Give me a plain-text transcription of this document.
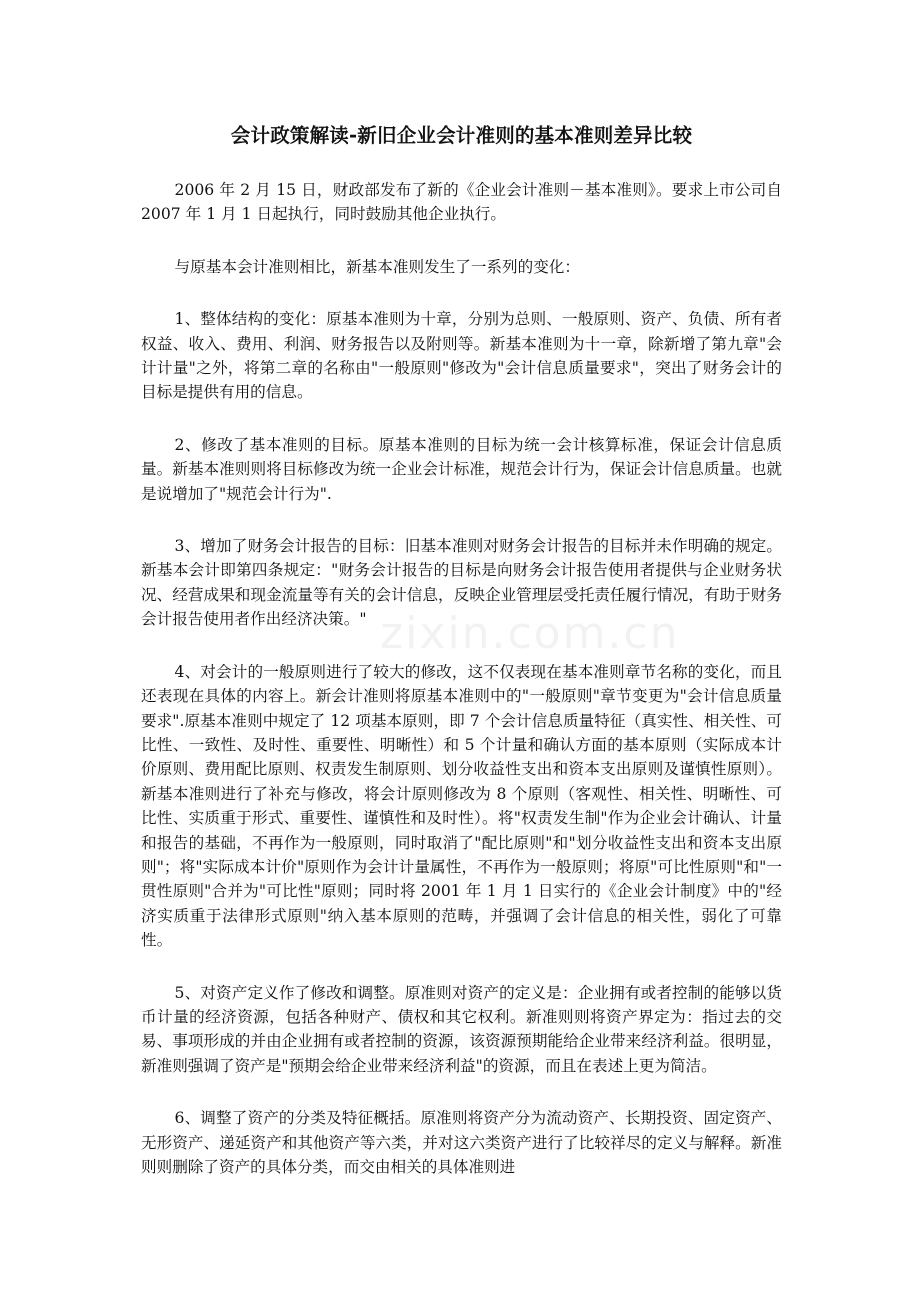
会计政策解读-新旧企业会计准则的基本准则差异比较

2006 年 2 月 15 日，财政部发布了新的《企业会计准则－基本准则》。要求上市公司自 2007 年 1 月 1 日起执行，同时鼓励其他企业执行。

与原基本会计准则相比，新基本准则发生了一系列的变化：

1、整体结构的变化：原基本准则为十章，分别为总则、一般原则、资产、负债、所有者权益、收入、费用、利润、财务报告以及附则等。新基本准则为十一章，除新增了第九章"会计计量"之外，将第二章的名称由"一般原则"修改为"会计信息质量要求"，突出了财务会计的目标是提供有用的信息。

2、修改了基本准则的目标。原基本准则的目标为统一会计核算标准，保证会计信息质量。新基本准则则将目标修改为统一企业会计标准，规范会计行为，保证会计信息质量。也就是说增加了"规范会计行为".

3、增加了财务会计报告的目标：旧基本准则对财务会计报告的目标并未作明确的规定。新基本会计即第四条规定："财务会计报告的目标是向财务会计报告使用者提供与企业财务状况、经营成果和现金流量等有关的会计信息，反映企业管理层受托责任履行情况，有助于财务会计报告使用者作出经济决策。"

4、对会计的一般原则进行了较大的修改，这不仅表现在基本准则章节名称的变化，而且还表现在具体的内容上。新会计准则将原基本准则中的"一般原则"章节变更为"会计信息质量要求".原基本准则中规定了 12 项基本原则，即 7 个会计信息质量特征（真实性、相关性、可比性、一致性、及时性、重要性、明晰性）和 5 个计量和确认方面的基本原则（实际成本计价原则、费用配比原则、权责发生制原则、划分收益性支出和资本支出原则及谨慎性原则）。新基本准则进行了补充与修改，将会计原则修改为 8 个原则（客观性、相关性、明晰性、可比性、实质重于形式、重要性、谨慎性和及时性）。将"权责发生制"作为企业会计确认、计量和报告的基础，不再作为一般原则，同时取消了"配比原则"和"划分收益性支出和资本支出原则"；将"实际成本计价"原则作为会计计量属性，不再作为一般原则；将原"可比性原则"和"一贯性原则"合并为"可比性"原则；同时将 2001 年 1 月 1 日实行的《企业会计制度》中的"经济实质重于法律形式原则"纳入基本原则的范畴，并强调了会计信息的相关性，弱化了可靠性。

5、对资产定义作了修改和调整。原准则对资产的定义是：企业拥有或者控制的能够以货币计量的经济资源，包括各种财产、债权和其它权利。新准则则将资产界定为：指过去的交易、事项形成的并由企业拥有或者控制的资源，该资源预期能给企业带来经济利益。很明显，新准则强调了资产是"预期会给企业带来经济利益"的资源，而且在表述上更为简洁。

6、调整了资产的分类及特征概括。原准则将资产分为流动资产、长期投资、固定资产、无形资产、递延资产和其他资产等六类，并对这六类资产进行了比较祥尽的定义与解释。新准则则删除了资产的具体分类，而交由相关的具体准则进

zixin.com.cn
